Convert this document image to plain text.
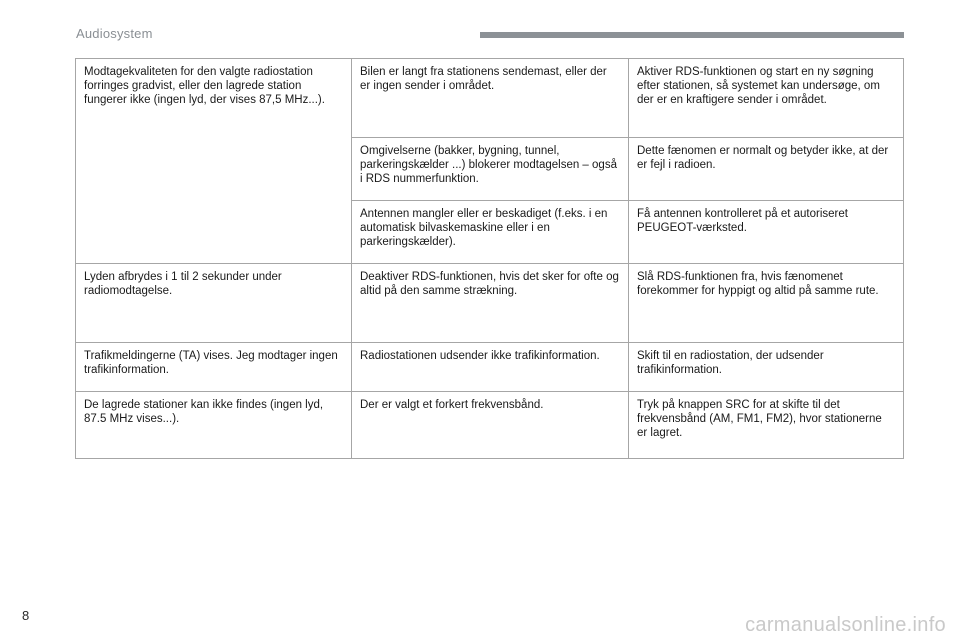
Audiosystem
Modtagekvaliteten for den valgte radiostation forringes gradvist, eller den lagrede station fungerer ikke (ingen lyd, der vises 87,5 MHz...).	Bilen er langt fra stationens sendemast, eller der er ingen sender i området.	Aktiver RDS-funktionen og start en ny søgning efter stationen, så systemet kan undersøge, om der er en kraftigere sender i området.
	Omgivelserne (bakker, bygning, tunnel, parkeringskælder ...) blokerer modtagelsen – også i RDS nummerfunktion.	Dette fænomen er normalt og betyder ikke, at der er fejl i radioen.
	Antennen mangler eller er beskadiget (f.eks. i en automatisk bilvaskemaskine eller i en parkeringskælder).	Få antennen kontrolleret på et autoriseret PEUGEOT-værksted.
Lyden afbrydes i 1 til 2 sekunder under radiomodtagelse.	Deaktiver RDS-funktionen, hvis det sker for ofte og altid på den samme strækning.	Slå RDS-funktionen fra, hvis fænomenet forekommer for hyppigt og altid på samme rute.
Trafikmeldingerne (TA) vises. Jeg modtager ingen trafikinformation.	Radiostationen udsender ikke trafikinformation.	Skift til en radiostation, der udsender trafikinformation.
De lagrede stationer kan ikke findes (ingen lyd, 87.5 MHz vises...).	Der er valgt et forkert frekvensbånd.	Tryk på knappen SRC for at skifte til det frekvensbånd (AM, FM1, FM2), hvor stationerne er lagret.
8	carmanualsonline.info
